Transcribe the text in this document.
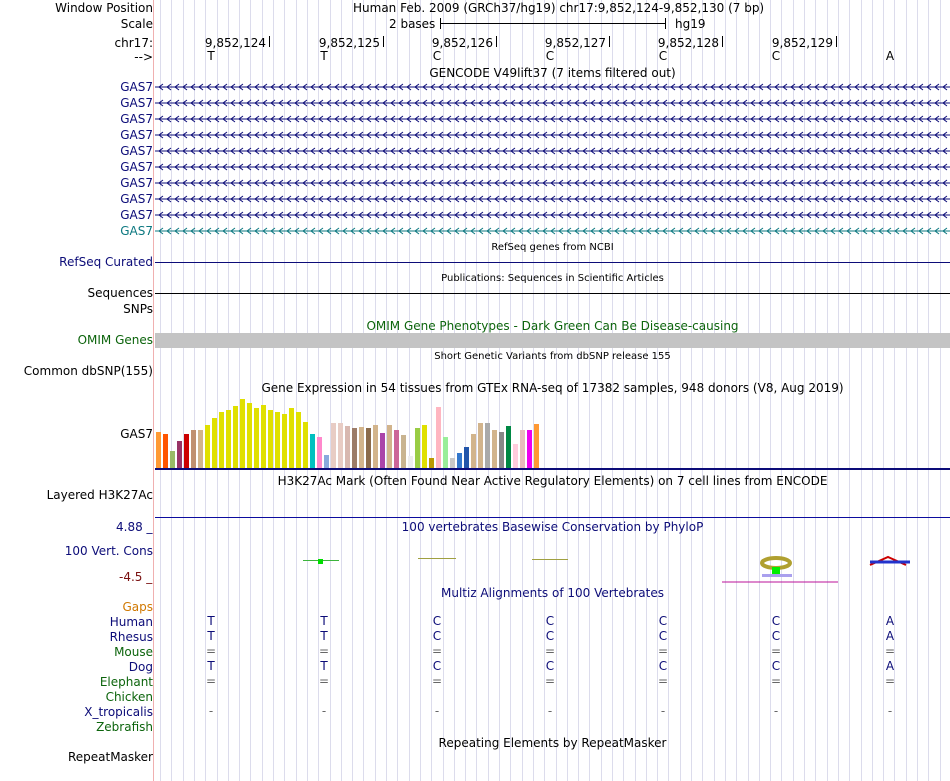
Window Position	Human Feb. 2009 (GRCh37/hg19) chr17:9,852,124-9,852,130 (7 bp)
Scale	2 bases	hg19
chr17:	9,852,124	9,852,125	9,852,126	9,852,127	9,852,128	9,852,129
-->	T	T	C	C	C	C	A
GENCODE V49lift37 (7 items filtered out)
GAS7
GAS7
GAS7
GAS7
GAS7
GAS7
GAS7
GAS7
GAS7
GAS7
RefSeq genes from NCBI
RefSeq Curated
Publications: Sequences in Scientific Articles
Sequences
SNPs
OMIM Gene Phenotypes - Dark Green Can Be Disease-causing
OMIM Genes
Short Genetic Variants from dbSNP release 155
Common dbSNP(155)
Gene Expression in 54 tissues from GTEx RNA-seq of 17382 samples, 948 donors (V8, Aug 2019)
GAS7
H3K27Ac Mark (Often Found Near Active Regulatory Elements) on 7 cell lines from ENCODE
Layered H3K27Ac
4.88 _	100 vertebrates Basewise Conservation by PhyloP
100 Vert. Cons
-4.5 _
Multiz Alignments of 100 Vertebrates
Gaps
Human	T	T	C	C	C	C	A
Rhesus	T	T	C	C	C	C	A
Mouse	=	=	=	=	=	=	=
Dog	T	T	C	C	C	C	A
Elephant	=	=	=	=	=	=	=
Chicken
X_tropicalis	-	-	-	-	-	-	-
Zebrafish
Repeating Elements by RepeatMasker
RepeatMasker
